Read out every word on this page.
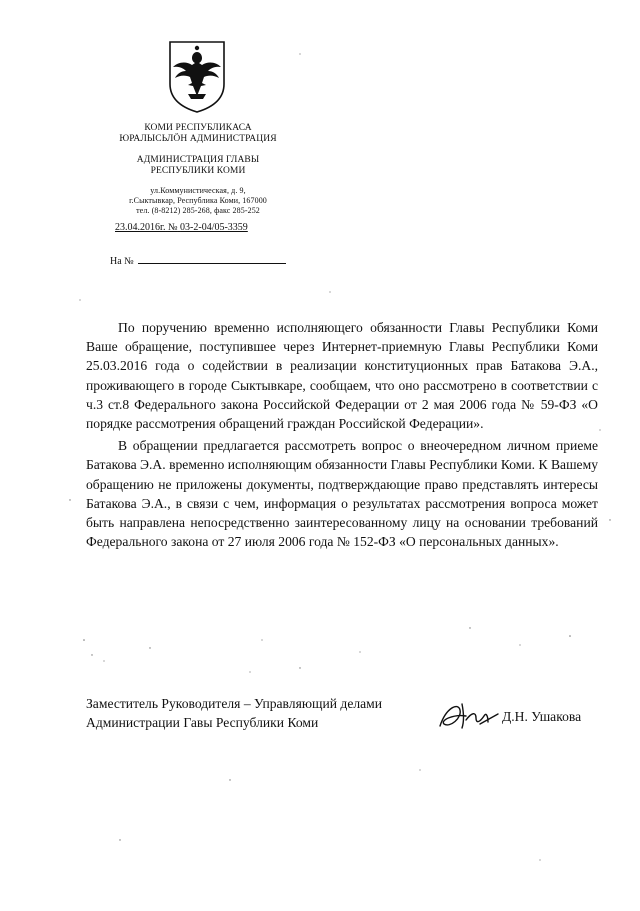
КОМИ РЕСПУБЛИКАСА
ЮРАЛЫСЬЛӦН АДМИНИСТРАЦИЯ
АДМИНИСТРАЦИЯ ГЛАВЫ
РЕСПУБЛИКИ КОМИ
ул.Коммунистическая, д. 9,
г.Сыктывкар, Республика Коми, 167000
тел. (8-8212) 285-268, факс 285-252
23.04.2016г. № 03-2-04/05-3359
На №

По поручению временно исполняющего обязанности Главы Республики Коми Ваше обращение, поступившее через Интернет-приемную Главы Республики Коми 25.03.2016 года о содействии в реализации конституционных прав Батакова Э.А., проживающего в городе Сыктывкаре, сообщаем, что оно рассмотрено в соответствии с ч.3 ст.8 Федерального закона Российской Федерации от 2 мая 2006 года № 59-ФЗ «О порядке рассмотрения обращений граждан Российской Федерации».

В обращении предлагается рассмотреть вопрос о внеочередном личном приеме Батакова Э.А. временно исполняющим обязанности Главы Республики Коми. К Вашему обращению не приложены документы, подтверждающие право представлять интересы Батакова Э.А., в связи с чем, информация о результатах рассмотрения вопроса может быть направлена непосредственно заинтересованному лицу на основании требований Федерального закона от 27 июля 2006 года № 152-ФЗ «О персональных данных».

Заместитель Руководителя – Управляющий делами
Администрации Гавы Республики Коми	Д.Н. Ушакова
